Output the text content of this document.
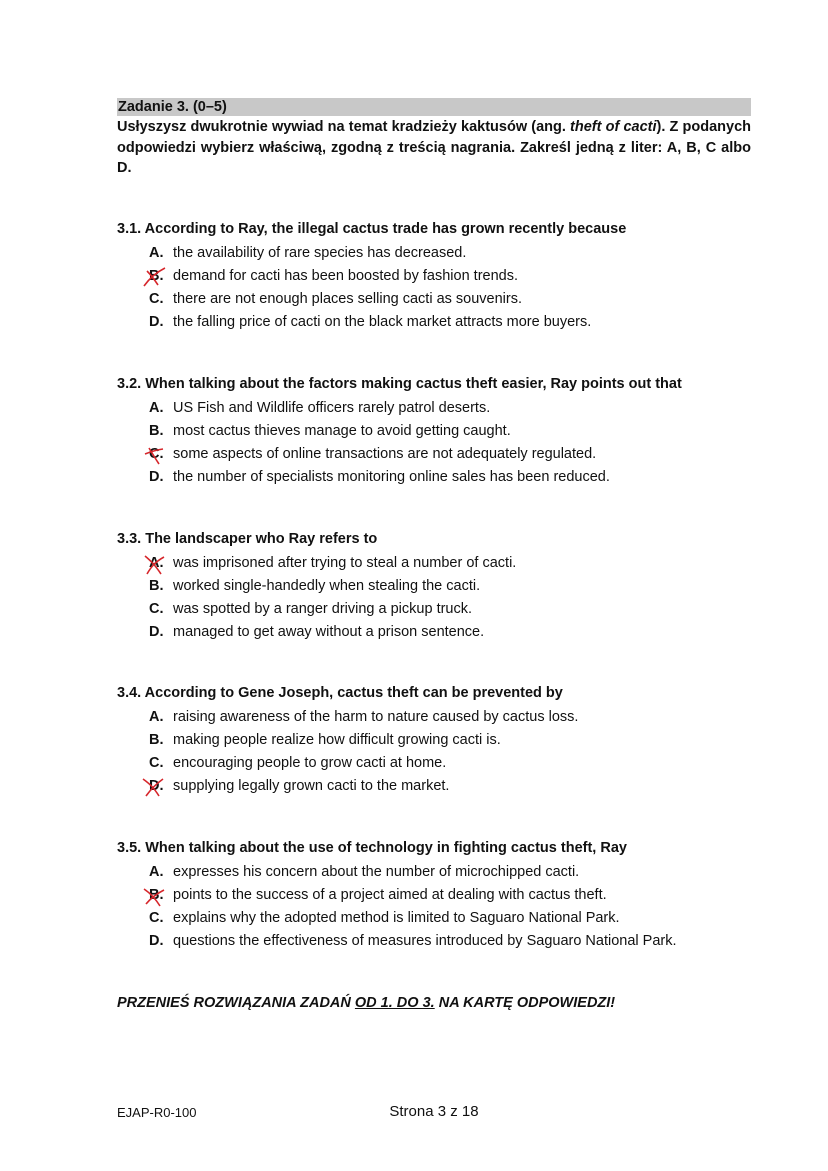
Zadanie 3. (0–5)
Usłyszysz dwukrotnie wywiad na temat kradzieży kaktusów (ang. theft of cacti). Z podanych odpowiedzi wybierz właściwą, zgodną z treścią nagrania. Zakreśl jedną z liter: A, B, C albo D.
3.1. According to Ray, the illegal cactus trade has grown recently because
A. the availability of rare species has decreased.
B. demand for cacti has been boosted by fashion trends.
C. there are not enough places selling cacti as souvenirs.
D. the falling price of cacti on the black market attracts more buyers.
3.2. When talking about the factors making cactus theft easier, Ray points out that
A. US Fish and Wildlife officers rarely patrol deserts.
B. most cactus thieves manage to avoid getting caught.
C. some aspects of online transactions are not adequately regulated.
D. the number of specialists monitoring online sales has been reduced.
3.3. The landscaper who Ray refers to
A. was imprisoned after trying to steal a number of cacti.
B. worked single-handedly when stealing the cacti.
C. was spotted by a ranger driving a pickup truck.
D. managed to get away without a prison sentence.
3.4. According to Gene Joseph, cactus theft can be prevented by
A. raising awareness of the harm to nature caused by cactus loss.
B. making people realize how difficult growing cacti is.
C. encouraging people to grow cacti at home.
D. supplying legally grown cacti to the market.
3.5. When talking about the use of technology in fighting cactus theft, Ray
A. expresses his concern about the number of microchipped cacti.
B. points to the success of a project aimed at dealing with cactus theft.
C. explains why the adopted method is limited to Saguaro National Park.
D. questions the effectiveness of measures introduced by Saguaro National Park.
PRZENIEŚ ROZWIĄZANIA ZADAŃ OD 1. DO 3. NA KARTĘ ODPOWIEDZI!
EJAP-R0-100	Strona 3 z 18
